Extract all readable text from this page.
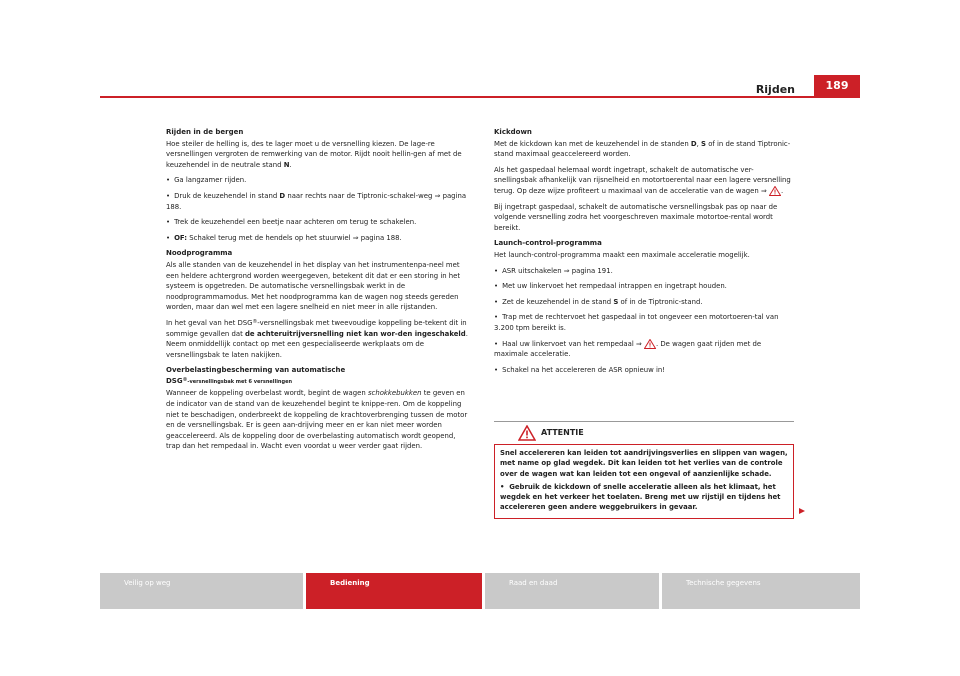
Rijden	189
Rijden in de bergen

Hoe steiler de helling is, des te lager moet u de versnelling kiezen. De lage-re versnellingen vergroten de remwerking van de motor. Rijdt nooit hellin-gen af met de keuzehendel in de neutrale stand N.

• Ga langzamer rijden.
• Druk de keuzehendel in stand D naar rechts naar de Tiptronic-schakel-weg ⇒ pagina 188.
• Trek de keuzehendel een beetje naar achteren om terug te schakelen.
• OF: Schakel terug met de hendels op het stuurwiel ⇒ pagina 188.
Noodprogramma

Als alle standen van de keuzehendel in het display van het instrumentenpa-neel met een heldere achtergrond worden weergegeven, betekent dit dat er een storing in het systeem is opgetreden. De automatische versnellingsbak werkt in de noodprogrammamodus. Met het noodprogramma kan de wagen nog steeds gereden worden, maar dan wel met een lagere snelheid en niet meer in alle rijstanden.

In het geval van het DSG®-versnellingsbak met tweevoudige koppeling be-tekent dit in sommige gevallen dat de achteruitrijversnelling niet kan wor-den ingeschakeld. Neem onmiddellijk contact op met een gespecialiseerde werkplaats om de versnellingsbak te laten nakijken.

Overbelastingbescherming van automatische
DSG®-versnellingsbak met 6 versnellingen

Wanneer de koppeling overbelast wordt, begint de wagen schokkebukken te geven en de indicator van de stand van de keuzehendel begint te knippe-ren. Om de koppeling niet te beschadigen, onderbreekt de koppeling de krachtoverbrenging tussen de motor en de versnellingsbak. Er is geen aan-drijving meer en er kan niet meer worden geaccelereerd. Als de koppeling door de overbelasting automatisch wordt geopend, trap dan het rempedaal in. Wacht even voordat u weer verder gaat rijden.

Kickdown

Met de kickdown kan met de keuzehendel in de standen D, S of in de stand Tiptronic-stand maximaal geaccelereerd worden.

Als het gaspedaal helemaal wordt ingetrapt, schakelt de automatische ver-snellingsbak afhankelijk van rijsnelheid en motortoerental naar een lagere versnelling terug. Op deze wijze profiteert u maximaal van de acceleratie van de wagen ⇒ .

Bij ingetrapt gaspedaal, schakelt de automatische versnellingsbak pas op naar de volgende versnelling zodra het voorgeschreven maximale motortoe-rental wordt bereikt.

Launch-control-programma

Het launch-control-programma maakt een maximale acceleratie mogelijk.

• ASR uitschakelen ⇒ pagina 191.
• Met uw linkervoet het rempedaal intrappen en ingetrapt houden.
• Zet de keuzehendel in de stand S of in de Tiptronic-stand.
• Trap met de rechtervoet het gaspedaal in tot ongeveer een motortoeren-tal van 3.200 tpm bereikt is.
• Haal uw linkervoet van het rempedaal ⇒ . De wagen gaat rijden met de maximale acceleratie.
• Schakel na het accelereren de ASR opnieuw in!
ATTENTIE

Snel accelereren kan leiden tot aandrijvingsverlies en slippen van wagen, met name op glad wegdek. Dit kan leiden tot het verlies van de controle over de wagen wat kan leiden tot een ongeval of aanzienlijke schade.

•  Gebruik de kickdown of snelle acceleratie alleen als het klimaat, het wegdek en het verkeer het toelaten. Breng met uw rijstijl en tijdens het accelereren geen andere weggebruikers in gevaar.

Veilig op weg	Bediening	Raad en daad	Technische gegevens
